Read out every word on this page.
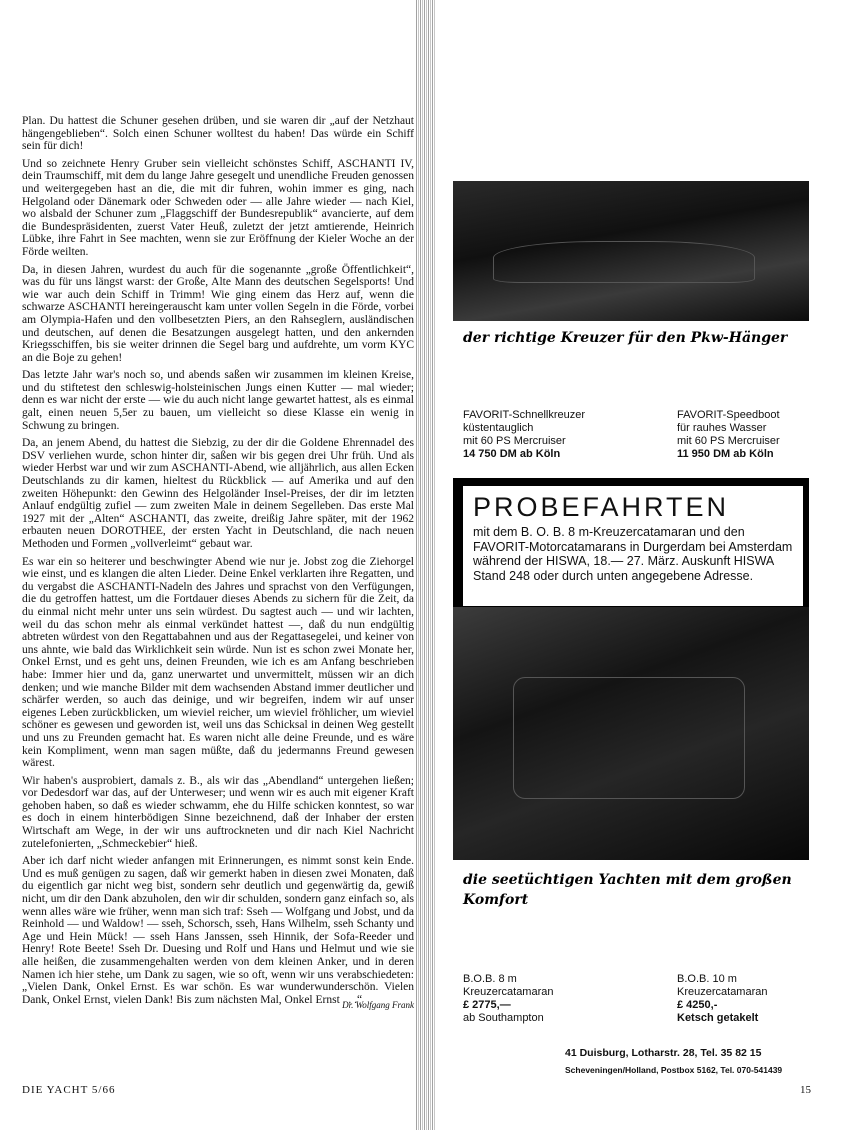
Plan. Du hattest die Schuner gesehen drüben, und sie waren dir „auf der Netzhaut hängengeblieben“. Solch einen Schuner wolltest du haben! Das würde ein Schiff sein für dich!

Und so zeichnete Henry Gruber sein vielleicht schönstes Schiff, ASCHANTI IV, dein Traumschiff, mit dem du lange Jahre gesegelt und unendliche Freuden genossen und weitergegeben hast an die, die mit dir fuhren, wohin immer es ging, nach Helgoland oder Dänemark oder Schweden oder — alle Jahre wieder — nach Kiel, wo alsbald der Schuner zum „Flaggschiff der Bundesrepublik“ avancierte, auf dem die Bundespräsidenten, zuerst Vater Heuß, zuletzt der jetzt amtierende, Heinrich Lübke, ihre Fahrt in See machten, wenn sie zur Eröffnung der Kieler Woche an der Förde weilten.

Da, in diesen Jahren, wurdest du auch für die sogenannte „große Öffentlichkeit“, was du für uns längst warst: der Große, Alte Mann des deutschen Segelsports! Und wie war auch dein Schiff in Trimm! Wie ging einem das Herz auf, wenn die schwarze ASCHANTI hereingerauscht kam unter vollen Segeln in die Förde, vorbei am Olympia-Hafen und den vollbesetzten Piers, an den Rahseglern, ausländischen und deutschen, auf denen die Besatzungen ausgelegt hatten, und den ankernden Kriegsschiffen, bis sie weiter drinnen die Segel barg und aufdrehte, um vorm KYC an die Boje zu gehen!

Das letzte Jahr war's noch so, und abends saßen wir zusammen im kleinen Kreise, und du stiftetest den schleswig-holsteinischen Jungs einen Kutter — mal wieder; denn es war nicht der erste — wie du auch nicht lange gewartet hattest, als es einmal galt, einen neuen 5,5er zu bauen, um vielleicht so diese Klasse ein wenig in Schwung zu bringen.

Da, an jenem Abend, du hattest die Siebzig, zu der dir die Goldene Ehrennadel des DSV verliehen wurde, schon hinter dir, saßen wir bis gegen drei Uhr früh. Und als wieder Herbst war und wir zum ASCHANTI-Abend, wie alljährlich, aus allen Ecken Deutschlands zu dir kamen, hieltest du Rückblick — auf Amerika und auf den zweiten Höhepunkt: den Gewinn des Helgoländer Insel-Preises, der dir im letzten Anlauf endgültig zufiel — zum zweiten Male in deinem Segelleben. Das erste Mal 1927 mit der „Alten“ ASCHANTI, das zweite, dreißig Jahre später, mit der 1962 erbauten neuen DOROTHEE, der ersten Yacht in Deutschland, die nach neuen Methoden und Formen „vollverleimt“ gebaut war.

Es war ein so heiterer und beschwingter Abend wie nur je. Jobst zog die Ziehorgel wie einst, und es klangen die alten Lieder. Deine Enkel verklarten ihre Regatten, und du vergabst die ASCHANTI-Nadeln des Jahres und sprachst von den Verfügungen, die du getroffen hattest, um die Fortdauer dieses Abends zu sichern für die Zeit, da du einmal nicht mehr unter uns sein würdest. Du sagtest auch — und wir lachten, weil du das schon mehr als einmal verkündet hattest —, daß du nun endgültig abtreten würdest von den Regattabahnen und aus der Regattasegelei, und keiner von uns ahnte, wie bald das Wirklichkeit sein würde. Nun ist es schon zwei Monate her, Onkel Ernst, und es geht uns, deinen Freunden, wie ich es am Anfang beschrieben habe: Immer hier und da, ganz unerwartet und unvermittelt, müssen wir an dich denken; und wie manche Bilder mit dem wachsenden Abstand immer deutlicher und schärfer werden, so auch das deinige, und wir begreifen, indem wir auf unser eigenes Leben zurückblicken, um wieviel reicher, um wieviel fröhlicher, um wieviel schöner es gewesen und geworden ist, weil uns das Schicksal in deinen Weg gestellt und uns zu Freunden gemacht hat. Es waren nicht alle deine Freunde, und es wäre kein Kompliment, wenn man sagen müßte, daß du jedermanns Freund gewesen wärest.

Wir haben's ausprobiert, damals z. B., als wir das „Abendland“ untergehen ließen; vor Dedesdorf war das, auf der Unterweser; und wenn wir es auch mit eigener Kraft gehoben haben, so daß es wieder schwamm, ehe du Hilfe schicken konntest, so war es doch in einem hinterbödigen Sinne bezeichnend, daß der Inhaber der ersten Wirtschaft am Wege, in der wir uns auftrockneten und dir nach Kiel Nachricht zutelefonierten, „Schmeckebier“ hieß.

Aber ich darf nicht wieder anfangen mit Erinnerungen, es nimmt sonst kein Ende. Und es muß genügen zu sagen, daß wir gemerkt haben in diesen zwei Monaten, daß du eigentlich gar nicht weg bist, sondern sehr deutlich und gegenwärtig da, gewiß nicht, um dir den Dank abzuholen, den wir dir schulden, sondern ganz einfach so, als wenn alles wäre wie früher, wenn man sich traf: Sseh — Wolfgang und Jobst, und da Reinhold — und Waldow! — sseh, Schorsch, sseh, Hans Wilhelm, sseh Schanty und Age und Hein Mück! — sseh Hans Janssen, sseh Hinnik, der Sofa-Reeder und Henry! Rote Beete! Sseh Dr. Duesing und Rolf und Hans und Helmut und wie sie alle heißen, die zusammengehalten werden von dem kleinen Anker, und in deren Namen ich hier stehe, um Dank zu sagen, wie so oft, wenn wir uns verabschiedeten: „Vielen Dank, Onkel Ernst. Es war schön. Es war wunderwunderschön. Vielen Dank, Onkel Ernst, vielen Dank! Bis zum nächsten Mal, Onkel Ernst . . .“

Dr. Wolfgang Frank
DIE YACHT 5/66	15
der richtige Kreuzer für den Pkw-Hänger
FAVORIT-Schnellkreuzer
küstentauglich
mit 60 PS Mercruiser
14 750 DM ab Köln
FAVORIT-Speedboot
für rauhes Wasser
mit 60 PS Mercruiser
11 950 DM ab Köln
PROBEFAHRTEN
mit dem B. O. B. 8 m-Kreuzercatamaran und den FAVORIT-Motorcatamarans in Durgerdam bei Amsterdam während der HISWA, 18.— 27. März. Auskunft HISWA Stand 248 oder durch unten angegebene Adresse.
die seetüchtigen Yachten mit dem großen Komfort
B.O.B. 8 m
Kreuzercatamaran
£ 2775,—
ab Southampton
B.O.B. 10 m
Kreuzercatamaran
£ 4250,-
Ketsch getakelt
41 Duisburg, Lotharstr. 28, Tel. 35 82 15
Scheveningen/Holland, Postbox 5162, Tel. 070-541439
